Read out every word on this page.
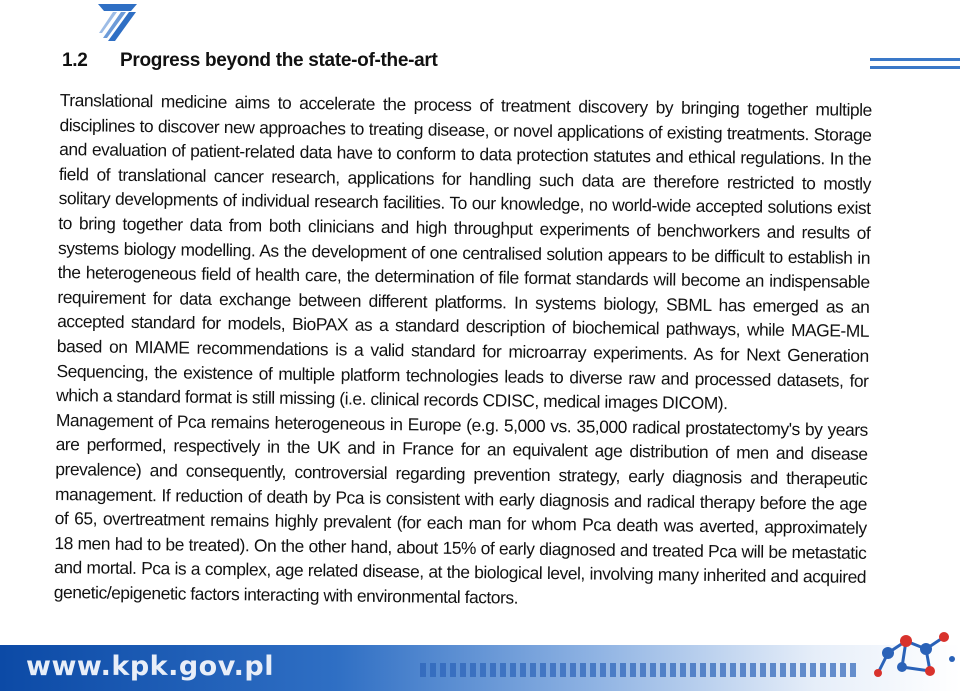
1.2 Progress beyond the state-of-the-art

Translational medicine aims to accelerate the process of treatment discovery by bringing together multiple disciplines to discover new approaches to treating disease, or novel applications of existing treatments. Storage and evaluation of patient-related data have to conform to data protection statutes and ethical regulations. In the field of translational cancer research, applications for handling such data are therefore restricted to mostly solitary developments of individual research facilities. To our knowledge, no world-wide accepted solutions exist to bring together data from both clinicians and high throughput experiments of benchworkers and results of systems biology modelling. As the development of one centralised solution appears to be difficult to establish in the heterogeneous field of health care, the determination of file format standards will become an indispensable requirement for data exchange between different platforms. In systems biology, SBML has emerged as an accepted standard for models, BioPAX as a standard description of biochemical pathways, while MAGE-ML based on MIAME recommendations is a valid standard for microarray experiments. As for Next Generation Sequencing, the existence of multiple platform technologies leads to diverse raw and processed datasets, for which a standard format is still missing (i.e. clinical records CDISC, medical images DICOM).

Management of Pca remains heterogeneous in Europe (e.g. 5,000 vs. 35,000 radical prostatectomy's by years are performed, respectively in the UK and in France for an equivalent age distribution of men and disease prevalence) and consequently, controversial regarding prevention strategy, early diagnosis and therapeutic management. If reduction of death by Pca is consistent with early diagnosis and radical therapy before the age of 65, overtreatment remains highly prevalent (for each man for whom Pca death was averted, approximately 18 men had to be treated). On the other hand, about 15% of early diagnosed and treated Pca will be metastatic and mortal. Pca is a complex, age related disease, at the biological level, involving many inherited and acquired genetic/epigenetic factors interacting with environmental factors.

www.kpk.gov.pl
